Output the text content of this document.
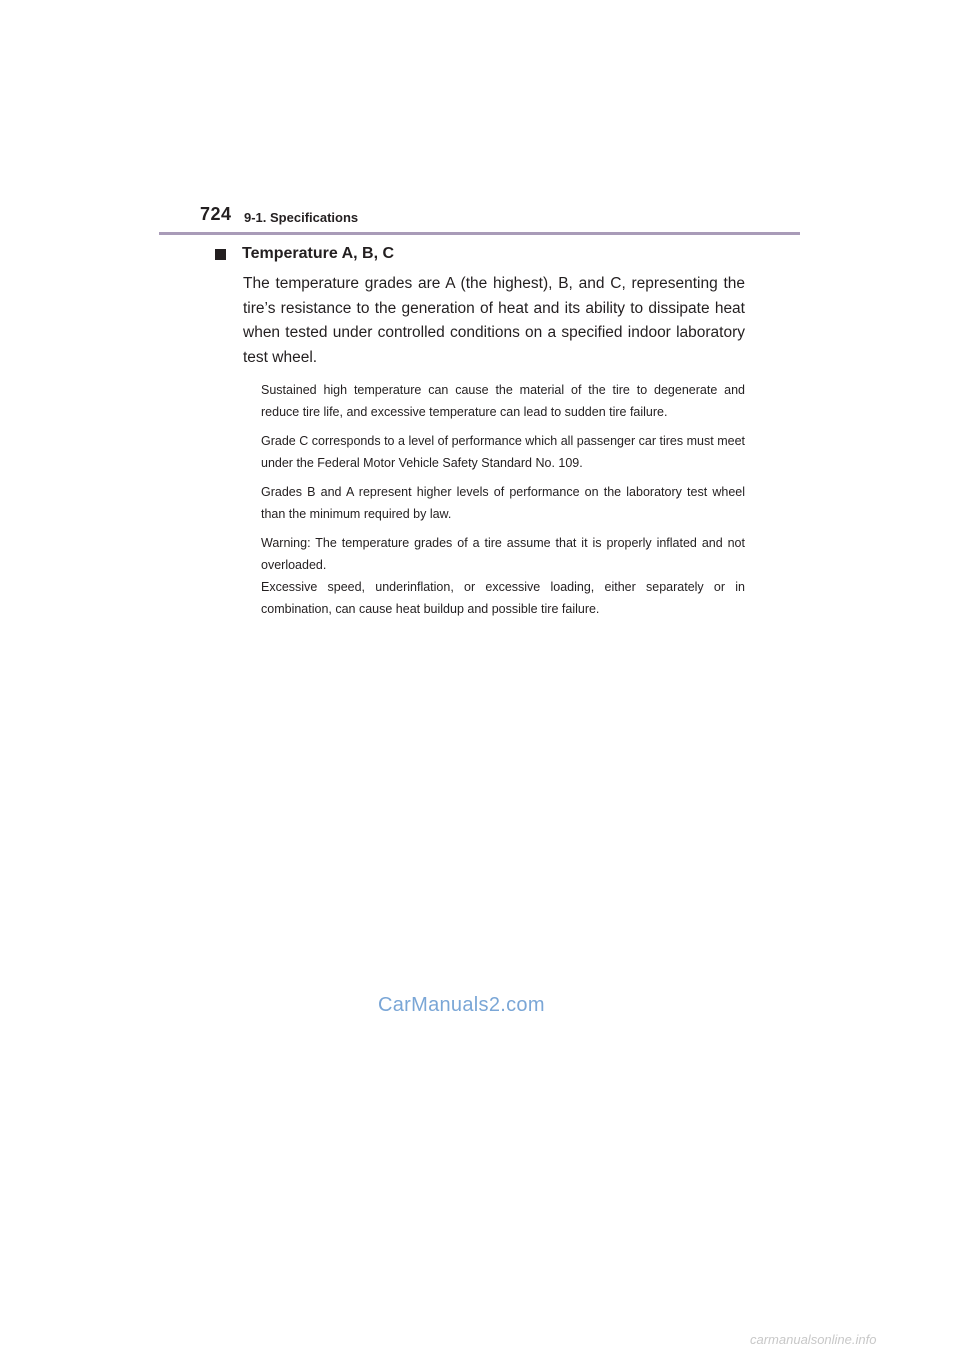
724 9-1. Specifications
Temperature A, B, C

The temperature grades are A (the highest), B, and C, representing the tire’s resistance to the generation of heat and its ability to dissipate heat when tested under controlled conditions on a specified indoor laboratory test wheel.

Sustained high temperature can cause the material of the tire to degenerate and reduce tire life, and excessive temperature can lead to sudden tire failure.

Grade C corresponds to a level of performance which all passenger car tires must meet under the Federal Motor Vehicle Safety Standard No. 109.

Grades B and A represent higher levels of performance on the laboratory test wheel than the minimum required by law.

Warning: The temperature grades of a tire assume that it is properly inflated and not overloaded.

Excessive speed, underinflation, or excessive loading, either separately or in combination, can cause heat buildup and possible tire failure.

CarManuals2.com
carmanualsonline.info
